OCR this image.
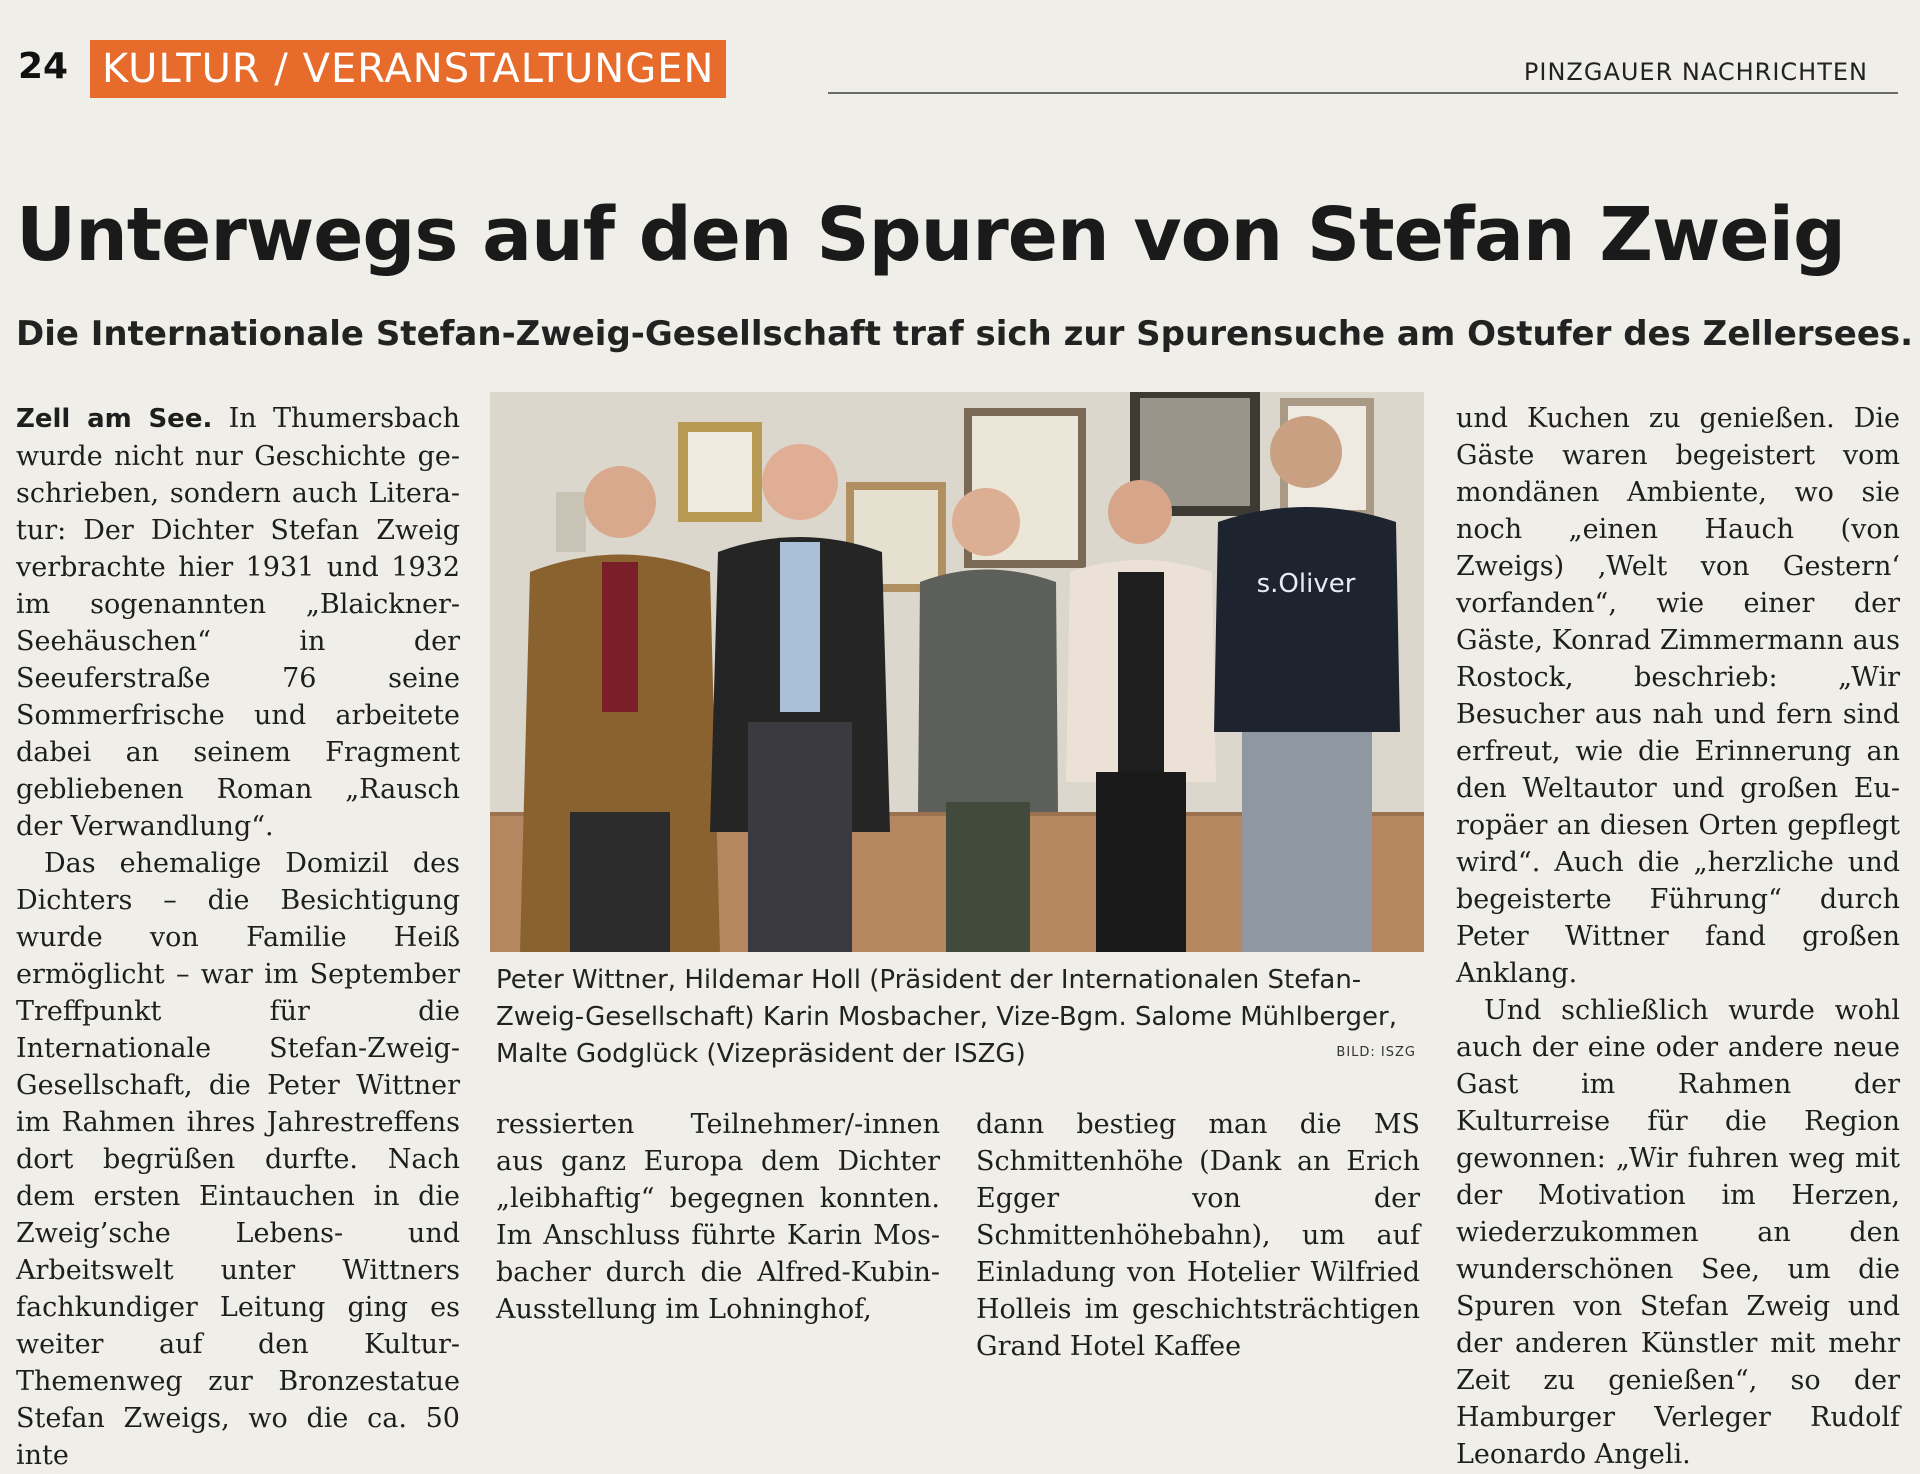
24 KULTUR / VERANSTALTUNGEN	PINZGAUER NACHRICHTEN
Unterwegs auf den Spuren von Stefan Zweig
Die Internationale Stefan-Zweig-Gesellschaft traf sich zur Spurensuche am Ostufer des Zellersees.

Zell am See. In Thumersbach wurde nicht nur Geschichte geschrieben, sondern auch Literatur: Der Dichter Stefan Zweig verbrachte hier 1931 und 1932 im sogenannten „Blaickner-Seehäuschen“ in der Seeuferstraße 76 seine Sommerfrische und arbeitete dabei an seinem Fragment gebliebenen Roman „Rausch der Verwandlung“.

Das ehemalige Domizil des Dichters – die Besichtigung wurde von Familie Heiß ermöglicht – war im September Treffpunkt für die Internationale Stefan-Zweig-Gesellschaft, die Peter Wittner im Rahmen ihres Jahrestreffens dort begrüßen durfte. Nach dem ersten Eintauchen in die Zweig’sche Lebens- und Arbeitswelt unter Wittners fachkundiger Leitung ging es weiter auf den Kultur-Themenweg zur Bronzestatue Stefan Zweigs, wo die ca. 50 inte

s.Oliver
Peter Wittner, Hildemar Holl (Präsident der Internationalen Stefan-Zweig-Gesellschaft) Karin Mosbacher, Vize-Bgm. Salome Mühlberger, Malte Godglück (Vizepräsident der ISZG)	BILD: ISZG

ressierten Teilnehmer/-innen aus ganz Europa dem Dichter „leibhaftig“ begegnen konnten. Im Anschluss führte Karin Mosbacher durch die Alfred-Kubin-Ausstellung im Lohninghof,

dann bestieg man die MS Schmittenhöhe (Dank an Erich Egger von der Schmittenhöhebahn), um auf Einladung von Hotelier Wilfried Holleis im geschichtsträchtigen Grand Hotel Kaffee

und Kuchen zu genießen. Die Gäste waren begeistert vom mondänen Ambiente, wo sie noch „einen Hauch (von Zweigs) ‚Welt von Gestern‘ vorfanden“, wie einer der Gäste, Konrad Zimmermann aus Rostock, beschrieb: „Wir Besucher aus nah und fern sind erfreut, wie die Erinnerung an den Weltautor und großen Europäer an diesen Orten gepflegt wird“. Auch die „herzliche und begeisterte Führung“ durch Peter Wittner fand großen Anklang.

Und schließlich wurde wohl auch der eine oder andere neue Gast im Rahmen der Kulturreise für die Region gewonnen: „Wir fuhren weg mit der Motivation im Herzen, wiederzukommen an den wunderschönen See, um die Spuren von Stefan Zweig und der anderen Künstler mit mehr Zeit zu genießen“, so der Hamburger Verleger Rudolf Leonardo Angeli.
